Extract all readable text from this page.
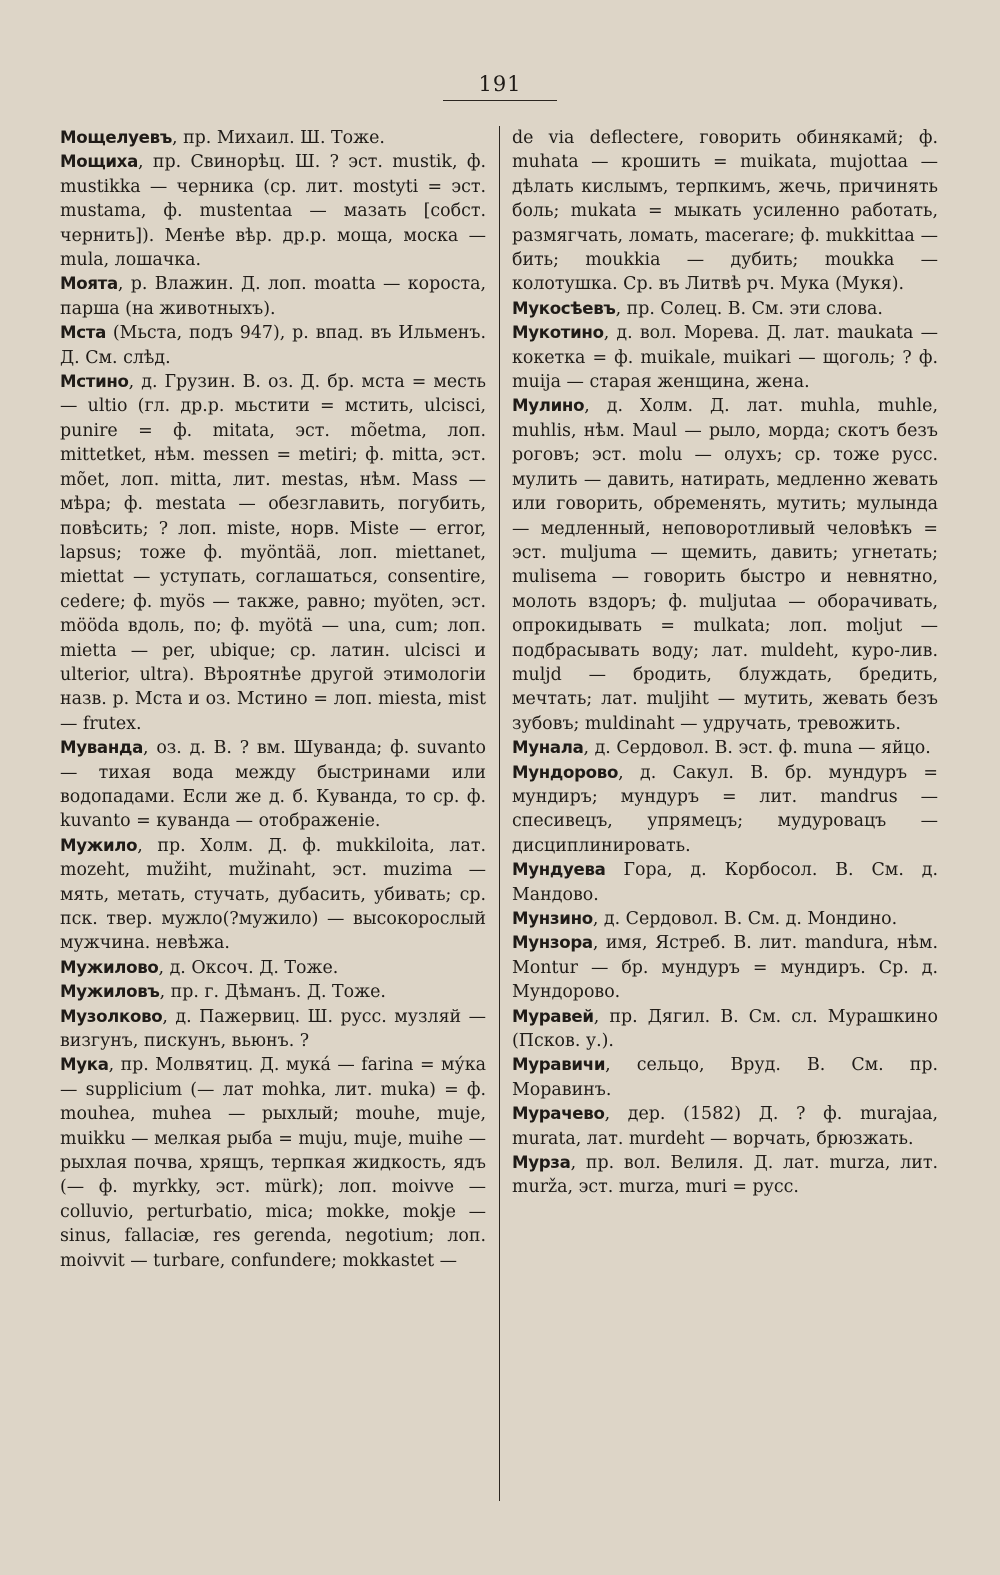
191

Мощелуевъ, пр. Михаил. Ш. Тоже.

Мощиха, пр. Свинорѣц. Ш. ? эст. mustik, ф. mustikka — черника (ср. лит. mostyti = эст. mustama, ф. mustentaa — мазать [собст. чернить]). Менѣе вѣр. др.р. моща, моска — mula, лошачка.

Моята, р. Влажин. Д. лоп. moatta — короста, парша (на животныхъ).

Мста (Мьста, подъ 947), р. впад. въ Ильменъ. Д. См. слѣд.

Мстино, д. Грузин. В. оз. Д. бр. мста = месть — ultio (гл. др.р. мьстити = мстить, ulcisci, punire = ф. mitata, эст. mõetma, лоп. mittetket, нѣм. messen = metiri; ф. mitta, эст. mõet, лоп. mitta, лит. mestas, нѣм. Mass — мѣра; ф. mestata — обезглавить, погубить, повѣсить; ? лоп. miste, норв. Miste — error, lapsus; тоже ф. myöntää, лоп. miettanet, miettat — уступать, соглашаться, consentire, cedere; ф. myös — также, равно; myöten, эст. mööda вдоль, по; ф. myötä — una, cum; лоп. mietta — per, ubique; ср. латин. ulcisci и ulterior, ultra). Вѣроятнѣе другой этимологіи назв. р. Мста и оз. Мстино = лоп. miesta, mist — frutex.

Муванда, оз. д. В. ? вм. Шуванда; ф. suvanto — тихая вода между быстринами или водопадами. Если же д. б. Куванда, то ср. ф. kuvanto = куванда — отображеніе.

Мужило, пр. Холм. Д. ф. mukkiloita, лат. mozeht, mužiht, mužinaht, эст. muzima — мять, метать, стучать, дубасить, убивать; ср. пск. твер. мужло(?мужило) — высокорослый мужчина. невѣжа.

Мужилово, д. Оксоч. Д. Тоже.

Мужиловъ, пр. г. Дѣманъ. Д. Тоже.

Музолково, д. Пажервиц. Ш. русс. музляй — визгунъ, пискунъ, вьюнъ. ?

Мука, пр. Молвятиц. Д. мука́ — farina = му́ка — supplicium (— лат mohka, лит. muka) = ф. mouhea, muhea — рыхлый; mouhe, muje, muikku — мелкая рыба = muju, muje, muihe — рыхлая почва, хрящъ, терпкая жидкость, ядъ (— ф. myrkky, эст. mürk); лоп. moivve — colluvio, perturbatio, mica; mokke, mokje — sinus, fallaciæ, res gerenda, negotium; лоп. moivvit — turbare, confundere; mokkastet —

de via deflectere, говорить обинякамй; ф. muhata — крошить = muikata, mujottaa — дѣлать кислымъ, терпкимъ, жечь, причинять боль; mukata = мыкать усиленно работать, размягчать, ломать, macerare; ф. mukkittaa — бить; moukkia — дубить; moukka — колотушка. Ср. въ Литвѣ рч. Мука (Мукя).

Мукосѣевъ, пр. Солец. В. См. эти слова.

Мукотино, д. вол. Морева. Д. лат. maukata — кокетка = ф. muikale, muikari — щоголь; ? ф. muija — старая женщина, жена.

Мулино, д. Холм. Д. лат. muhla, muhle, muhlis, нѣм. Maul — рыло, морда; скотъ безъ роговъ; эст. molu — олухъ; ср. тоже русс. мулить — давить, натирать, медленно жевать или говорить, обременять, мутить; мулында — медленный, неповоротливый человѣкъ = эст. muljuma — щемить, давить; угнетать; mulisema — говорить быстро и невнятно, молоть вздоръ; ф. muljutaa — оборачивать, опрокидывать = mulkata; лоп. moljut — подбрасывать воду; лат. muldeht, куро-лив. muljd — бродить, блуждать, бредить, мечтать; лат. muljiht — мутить, жевать безъ зубовъ; muldinaht — удручать, тревожить.

Мунала, д. Сердовол. В. эст. ф. muna — яйцо.

Мундорово, д. Сакул. В. бр. мундуръ = мундиръ; мундуръ = лит. mandrus — спесивецъ, упрямецъ; мудуровацъ — дисциплинировать.

Мундуева Гора, д. Корбосол. В. См. д. Мандово.

Мунзино, д. Сердовол. В. См. д. Мондино.

Мунзора, имя, Ястреб. В. лит. mandura, нѣм. Montur — бр. мундуръ = мундиръ. Ср. д. Мундорово.

Муравей, пр. Дягил. В. См. сл. Мурашкино (Псков. у.).

Муравичи, сельцо, Вруд. В. См. пр. Моравинъ.

Мурачево, дер. (1582) Д. ? ф. murajaa, murata, лат. murdeht — ворчать, брюзжать.

Мурза, пр. вол. Велиля. Д. лат. murza, лит. murža, эст. murza, muri = русс.
